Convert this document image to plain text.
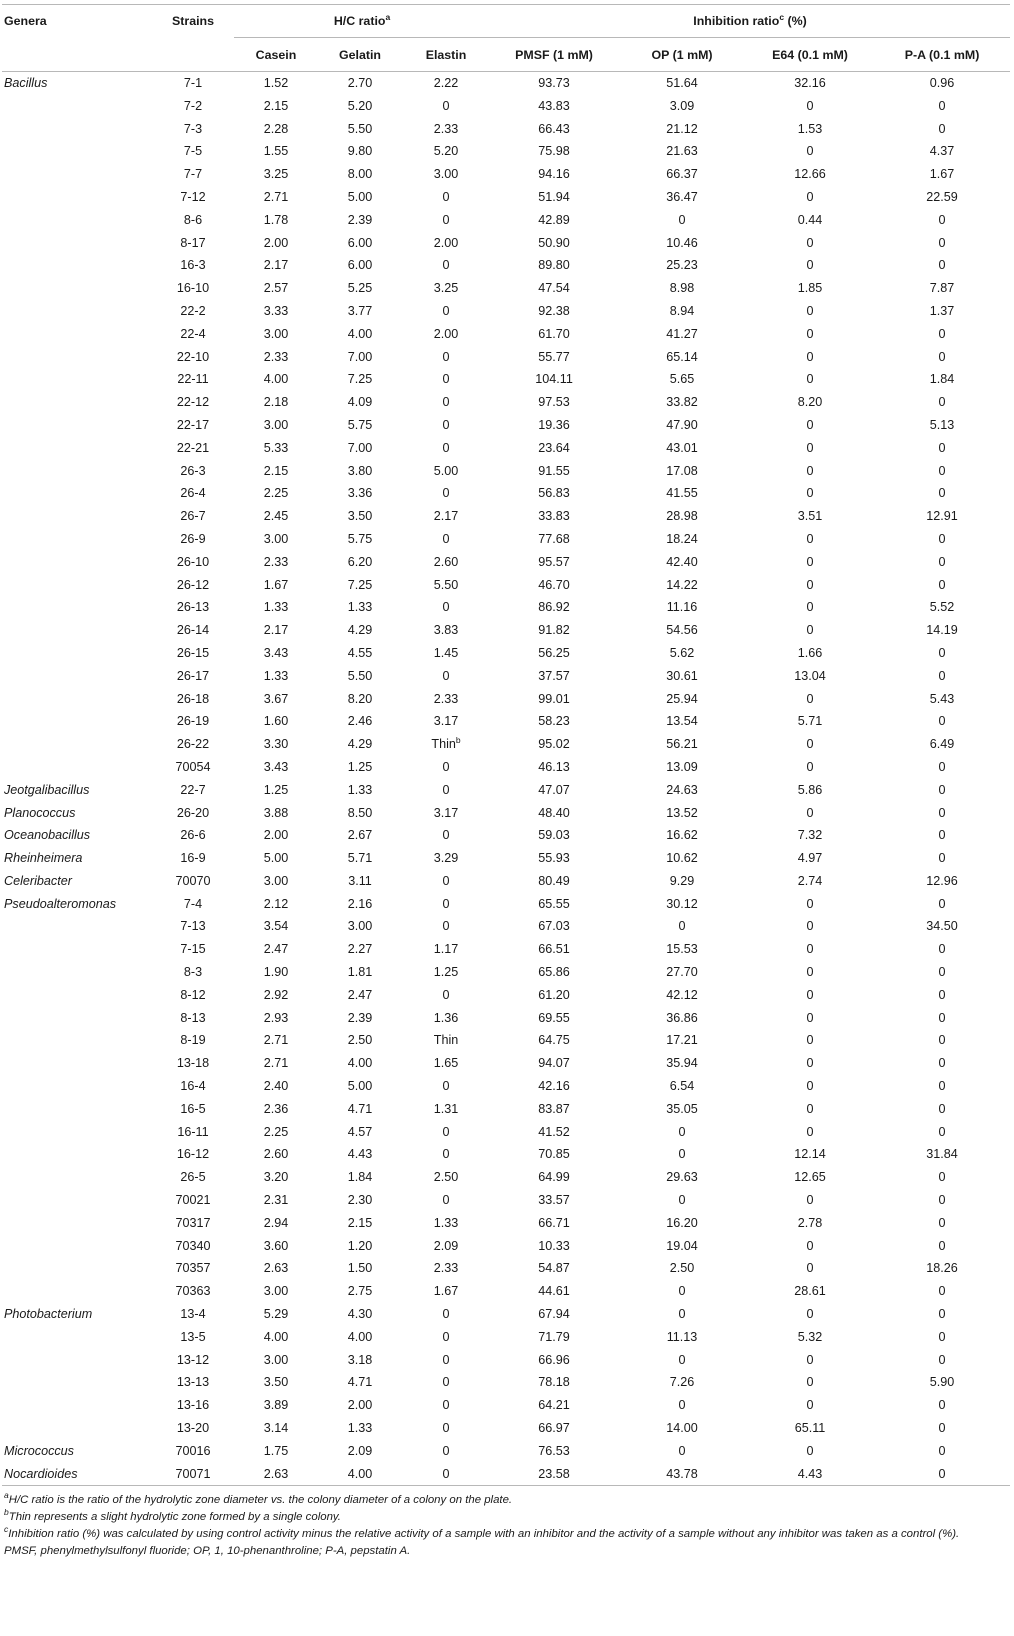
Genera	Strains	H/C ratio$^a$			Inhibition ratio$^c$ (%)			
		Casein	Gelatin	Elastin	PMSF (1 mM)	OP (1 mM)	E64 (0.1 mM)	P-A (0.1 mM)
Bacillus	7-1	1.52	2.70	2.22	93.73	51.64	32.16	0.96
	7-2	2.15	5.20	0	43.83	3.09	0	0
	7-3	2.28	5.50	2.33	66.43	21.12	1.53	0
	7-5	1.55	9.80	5.20	75.98	21.63	0	4.37
	7-7	3.25	8.00	3.00	94.16	66.37	12.66	1.67
	7-12	2.71	5.00	0	51.94	36.47	0	22.59
	8-6	1.78	2.39	0	42.89	0	0.44	0
	8-17	2.00	6.00	2.00	50.90	10.46	0	0
	16-3	2.17	6.00	0	89.80	25.23	0	0
	16-10	2.57	5.25	3.25	47.54	8.98	1.85	7.87
	22-2	3.33	3.77	0	92.38	8.94	0	1.37
	22-4	3.00	4.00	2.00	61.70	41.27	0	0
	22-10	2.33	7.00	0	55.77	65.14	0	0
	22-11	4.00	7.25	0	104.11	5.65	0	1.84
	22-12	2.18	4.09	0	97.53	33.82	8.20	0
	22-17	3.00	5.75	0	19.36	47.90	0	5.13
	22-21	5.33	7.00	0	23.64	43.01	0	0
	26-3	2.15	3.80	5.00	91.55	17.08	0	0
	26-4	2.25	3.36	0	56.83	41.55	0	0
	26-7	2.45	3.50	2.17	33.83	28.98	3.51	12.91
	26-9	3.00	5.75	0	77.68	18.24	0	0
	26-10	2.33	6.20	2.60	95.57	42.40	0	0
	26-12	1.67	7.25	5.50	46.70	14.22	0	0
	26-13	1.33	1.33	0	86.92	11.16	0	5.52
	26-14	2.17	4.29	3.83	91.82	54.56	0	14.19
	26-15	3.43	4.55	1.45	56.25	5.62	1.66	0
	26-17	1.33	5.50	0	37.57	30.61	13.04	0
	26-18	3.67	8.20	2.33	99.01	25.94	0	5.43
	26-19	1.60	2.46	3.17	58.23	13.54	5.71	0
	26-22	3.30	4.29	Thin$^b$	95.02	56.21	0	6.49
	70054	3.43	1.25	0	46.13	13.09	0	0
Jeotgalibacillus	22-7	1.25	1.33	0	47.07	24.63	5.86	0
Planococcus	26-20	3.88	8.50	3.17	48.40	13.52	0	0
Oceanobacillus	26-6	2.00	2.67	0	59.03	16.62	7.32	0
Rheinheimera	16-9	5.00	5.71	3.29	55.93	10.62	4.97	0
Celeribacter	70070	3.00	3.11	0	80.49	9.29	2.74	12.96
Pseudoalteromonas	7-4	2.12	2.16	0	65.55	30.12	0	0
	7-13	3.54	3.00	0	67.03	0	0	34.50
	7-15	2.47	2.27	1.17	66.51	15.53	0	0
	8-3	1.90	1.81	1.25	65.86	27.70	0	0
	8-12	2.92	2.47	0	61.20	42.12	0	0
	8-13	2.93	2.39	1.36	69.55	36.86	0	0
	8-19	2.71	2.50	Thin	64.75	17.21	0	0
	13-18	2.71	4.00	1.65	94.07	35.94	0	0
	16-4	2.40	5.00	0	42.16	6.54	0	0
	16-5	2.36	4.71	1.31	83.87	35.05	0	0
	16-11	2.25	4.57	0	41.52	0	0	0
	16-12	2.60	4.43	0	70.85	0	12.14	31.84
	26-5	3.20	1.84	2.50	64.99	29.63	12.65	0
	70021	2.31	2.30	0	33.57	0	0	0
	70317	2.94	2.15	1.33	66.71	16.20	2.78	0
	70340	3.60	1.20	2.09	10.33	19.04	0	0
	70357	2.63	1.50	2.33	54.87	2.50	0	18.26
	70363	3.00	2.75	1.67	44.61	0	28.61	0
Photobacterium	13-4	5.29	4.30	0	67.94	0	0	0
	13-5	4.00	4.00	0	71.79	11.13	5.32	0
	13-12	3.00	3.18	0	66.96	0	0	0
	13-13	3.50	4.71	0	78.18	7.26	0	5.90
	13-16	3.89	2.00	0	64.21	0	0	0
	13-20	3.14	1.33	0	66.97	14.00	65.11	0
Micrococcus	70016	1.75	2.09	0	76.53	0	0	0
Nocardioides	70071	2.63	4.00	0	23.58	43.78	4.43	0
$^a$H/C ratio is the ratio of the hydrolytic zone diameter vs. the colony diameter of a colony on the plate.
$^b$Thin represents a slight hydrolytic zone formed by a single colony.
$^c$Inhibition ratio (%) was calculated by using control activity minus the relative activity of a sample with an inhibitor and the activity of a sample without any inhibitor was taken as a control (%).
PMSF, phenylmethylsulfonyl fluoride; OP, 1, 10-phenanthroline; P-A, pepstatin A.
